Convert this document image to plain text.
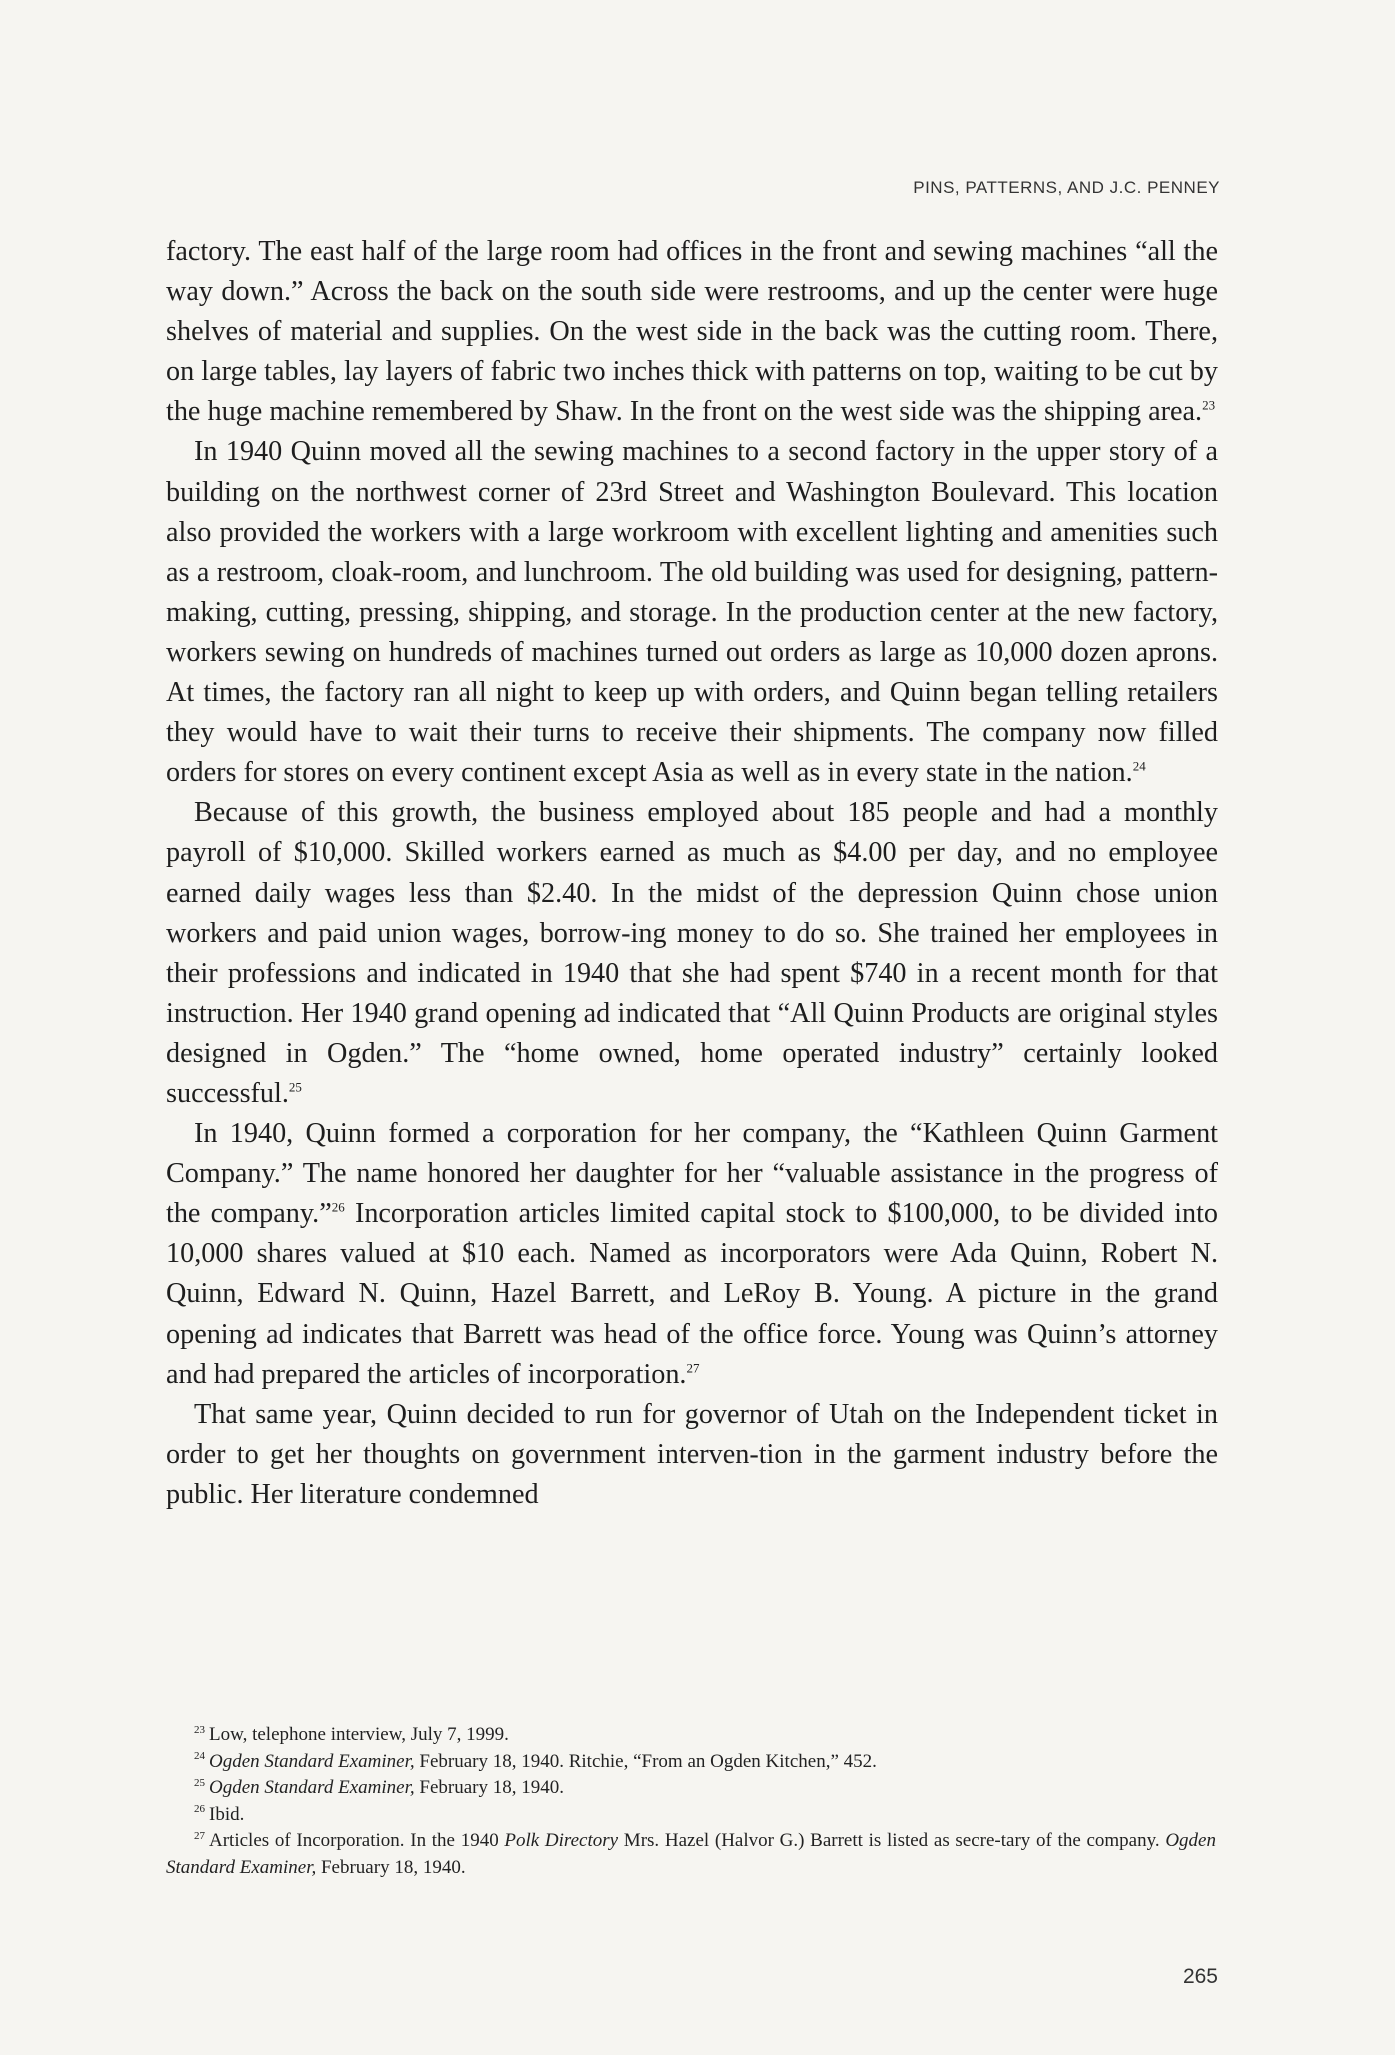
PINS, PATTERNS, AND J.C. PENNEY

factory. The east half of the large room had offices in the front and sewing machines “all the way down.” Across the back on the south side were restrooms, and up the center were huge shelves of material and supplies. On the west side in the back was the cutting room. There, on large tables, lay layers of fabric two inches thick with patterns on top, waiting to be cut by the huge machine remembered by Shaw. In the front on the west side was the shipping area.$^{23}$

In 1940 Quinn moved all the sewing machines to a second factory in the upper story of a building on the northwest corner of 23rd Street and Washington Boulevard. This location also provided the workers with a large workroom with excellent lighting and amenities such as a restroom, cloak-room, and lunchroom. The old building was used for designing, pattern-making, cutting, pressing, shipping, and storage. In the production center at the new factory, workers sewing on hundreds of machines turned out orders as large as 10,000 dozen aprons. At times, the factory ran all night to keep up with orders, and Quinn began telling retailers they would have to wait their turns to receive their shipments. The company now filled orders for stores on every continent except Asia as well as in every state in the nation.$^{24}$

Because of this growth, the business employed about 185 people and had a monthly payroll of $10,000. Skilled workers earned as much as $4.00 per day, and no employee earned daily wages less than $2.40. In the midst of the depression Quinn chose union workers and paid union wages, borrow-ing money to do so. She trained her employees in their professions and indicated in 1940 that she had spent $740 in a recent month for that instruction. Her 1940 grand opening ad indicated that “All Quinn Products are original styles designed in Ogden.” The “home owned, home operated industry” certainly looked successful.$^{25}$

In 1940, Quinn formed a corporation for her company, the “Kathleen Quinn Garment Company.” The name honored her daughter for her “valuable assistance in the progress of the company.”$^{26}$ Incorporation articles limited capital stock to $100,000, to be divided into 10,000 shares valued at $10 each. Named as incorporators were Ada Quinn, Robert N. Quinn, Edward N. Quinn, Hazel Barrett, and LeRoy B. Young. A picture in the grand opening ad indicates that Barrett was head of the office force. Young was Quinn’s attorney and had prepared the articles of incorporation.$^{27}$

That same year, Quinn decided to run for governor of Utah on the Independent ticket in order to get her thoughts on government interven-tion in the garment industry before the public. Her literature condemned

$^{23}$ Low, telephone interview, July 7, 1999.

$^{24}$ Ogden Standard Examiner, February 18, 1940. Ritchie, “From an Ogden Kitchen,” 452.

$^{25}$ Ogden Standard Examiner, February 18, 1940.

$^{26}$ Ibid.

$^{27}$ Articles of Incorporation. In the 1940 Polk Directory Mrs. Hazel (Halvor G.) Barrett is listed as secre-tary of the company. Ogden Standard Examiner, February 18, 1940.

265
